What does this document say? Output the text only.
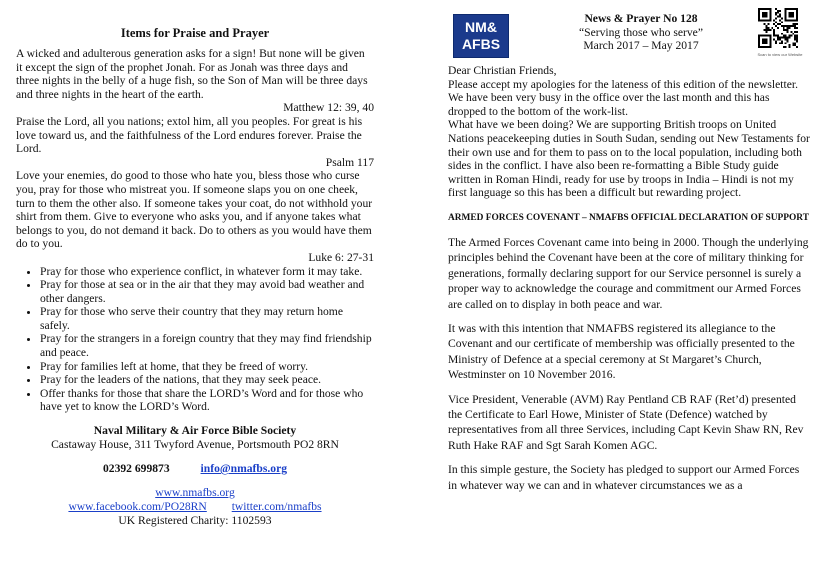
Items for Praise and Prayer

A wicked and adulterous generation asks for a sign! But none will be given it except the sign of the prophet Jonah. For as Jonah was three days and three nights in the belly of a huge fish, so the Son of Man will be three days and three nights in the heart of the earth.

Matthew 12: 39, 40

Praise the Lord, all you nations; extol him, all you peoples. For great is his love toward us, and the faithfulness of the Lord endures forever. Praise the Lord.

Psalm 117

Love your enemies, do good to those who hate you, bless those who curse you, pray for those who mistreat you. If someone slaps you on one cheek, turn to them the other also. If someone takes your coat, do not withhold your shirt from them. Give to everyone who asks you, and if anyone takes what belongs to you, do not demand it back. Do to others as you would have them do to you.

Luke 6: 27-31

• Pray for those who experience conflict, in whatever form it may take.
• Pray for those at sea or in the air that they may avoid bad weather and other dangers.
• Pray for those who serve their country that they may return home safely.
• Pray for the strangers in a foreign country that they may find friendship and peace.
• Pray for families left at home, that they be freed of worry.
• Pray for the leaders of the nations, that they may seek peace.
• Offer thanks for those that share the LORD’s Word and for those who have yet to know the LORD’s Word.
Naval Military & Air Force Bible Society
Castaway House, 311 Twyford Avenue, Portsmouth PO2 8RN
02392 699873	info@nmafbs.org
www.nmafbs.org
www.facebook.com/PO28RN twitter.com/nmafbs
UK Registered Charity: 1102593
NM&
AFBS
News & Prayer No 128
“Serving those who serve”
March 2017 – May 2017
Scan to view our Website

Dear Christian Friends,

Please accept my apologies for the lateness of this edition of the newsletter. We have been very busy in the office over the last month and this has dropped to the bottom of the work-list.

What have we been doing? We are supporting British troops on United Nations peacekeeping duties in South Sudan, sending out New Testaments for their own use and for them to pass on to the local population, including both sides in the conflict. I have also been re-formatting a Bible Study guide written in Roman Hindi, ready for use by troops in India – Hindi is not my first language so this has been a difficult but rewarding project.

ARMED FORCES COVENANT – NMAFBS OFFICIAL DECLARATION OF SUPPORT

The Armed Forces Covenant came into being in 2000. Though the underlying principles behind the Covenant have been at the core of military thinking for generations, formally declaring support for our Service personnel is surely a proper way to acknowledge the courage and commitment our Armed Forces are called on to display in both peace and war.

It was with this intention that NMAFBS registered its allegiance to the Covenant and our certificate of membership was officially presented to the Ministry of Defence at a special ceremony at St Margaret’s Church, Westminster on 10 November 2016.

Vice President, Venerable (AVM) Ray Pentland CB RAF (Ret’d) presented the Certificate to Earl Howe, Minister of State (Defence) watched by representatives from all three Services, including Capt Kevin Shaw RN, Rev Ruth Hake RAF and Sgt Sarah Komen AGC.

In this simple gesture, the Society has pledged to support our Armed Forces in whatever way we can and in whatever circumstances we as a
